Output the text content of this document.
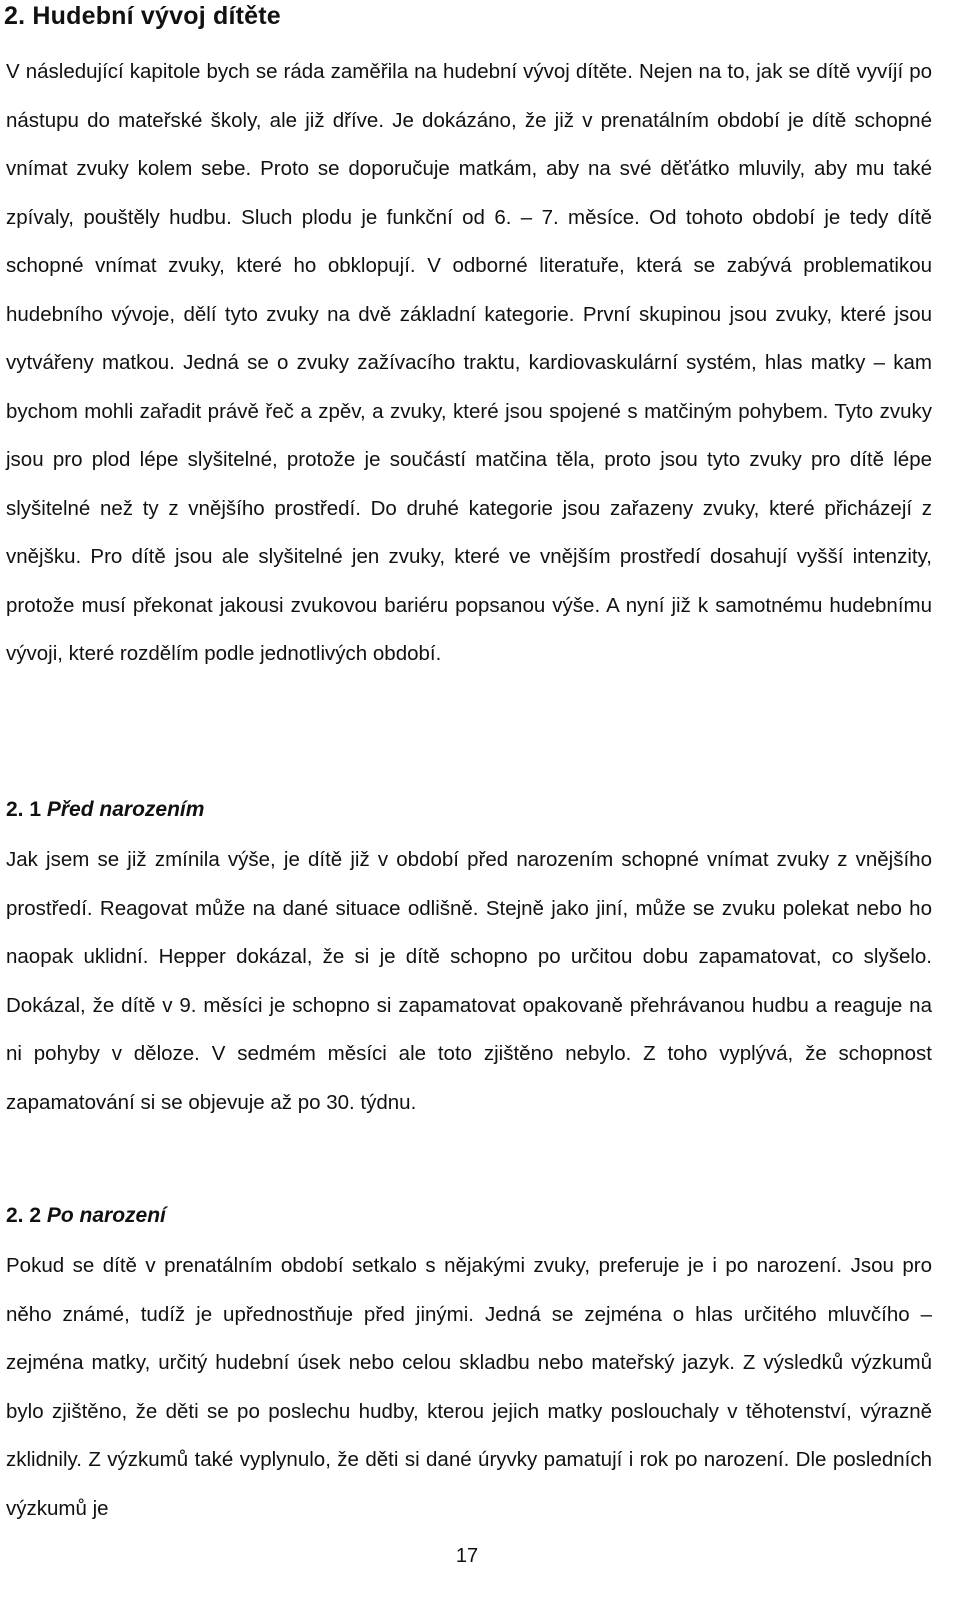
2. Hudební vývoj dítěte

V následující kapitole bych se ráda zaměřila na hudební vývoj dítěte. Nejen na to, jak se dítě vyvíjí po nástupu do mateřské školy, ale již dříve. Je dokázáno, že již v prenatálním období je dítě schopné vnímat zvuky kolem sebe. Proto se doporučuje matkám, aby na své děťátko mluvily, aby mu také zpívaly, pouštěly hudbu. Sluch plodu je funkční od 6. – 7. měsíce. Od tohoto období je tedy dítě schopné vnímat zvuky, které ho obklopují. V odborné literatuře, která se zabývá problematikou hudebního vývoje, dělí tyto zvuky na dvě základní kategorie. První skupinou jsou zvuky, které jsou vytvářeny matkou. Jedná se o zvuky zažívacího traktu, kardiovaskulární systém, hlas matky – kam bychom mohli zařadit právě řeč a zpěv, a zvuky, které jsou spojené s matčiným pohybem. Tyto zvuky jsou pro plod lépe slyšitelné, protože je součástí matčina těla, proto jsou tyto zvuky pro dítě lépe slyšitelné než ty z vnějšího prostředí. Do druhé kategorie jsou zařazeny zvuky, které přicházejí z vnějšku. Pro dítě jsou ale slyšitelné jen zvuky, které ve vnějším prostředí dosahují vyšší intenzity, protože musí překonat jakousi zvukovou bariéru popsanou výše. A nyní již k samotnému hudebnímu vývoji, které rozdělím podle jednotlivých období.

2. 1 Před narozením

Jak jsem se již zmínila výše, je dítě již v období před narozením schopné vnímat zvuky z vnějšího prostředí. Reagovat může na dané situace odlišně. Stejně jako jiní, může se zvuku polekat nebo ho naopak uklidní. Hepper dokázal, že si je dítě schopno po určitou dobu zapamatovat, co slyšelo. Dokázal, že dítě v 9. měsíci je schopno si zapamatovat opakovaně přehrávanou hudbu a reaguje na ni pohyby v děloze. V sedmém měsíci ale toto zjištěno nebylo. Z toho vyplývá, že schopnost zapamatování si se objevuje až po 30. týdnu.

2. 2 Po narození

Pokud se dítě v prenatálním období setkalo s nějakými zvuky, preferuje je i po narození. Jsou pro něho známé, tudíž je upřednostňuje před jinými. Jedná se zejména o hlas určitého mluvčího – zejména matky, určitý hudební úsek nebo celou skladbu nebo mateřský jazyk. Z výsledků výzkumů bylo zjištěno, že děti se po poslechu hudby, kterou jejich matky poslouchaly v těhotenství, výrazně zklidnily. Z výzkumů také vyplynulo, že děti si dané úryvky pamatují i rok po narození. Dle posledních výzkumů je

17
